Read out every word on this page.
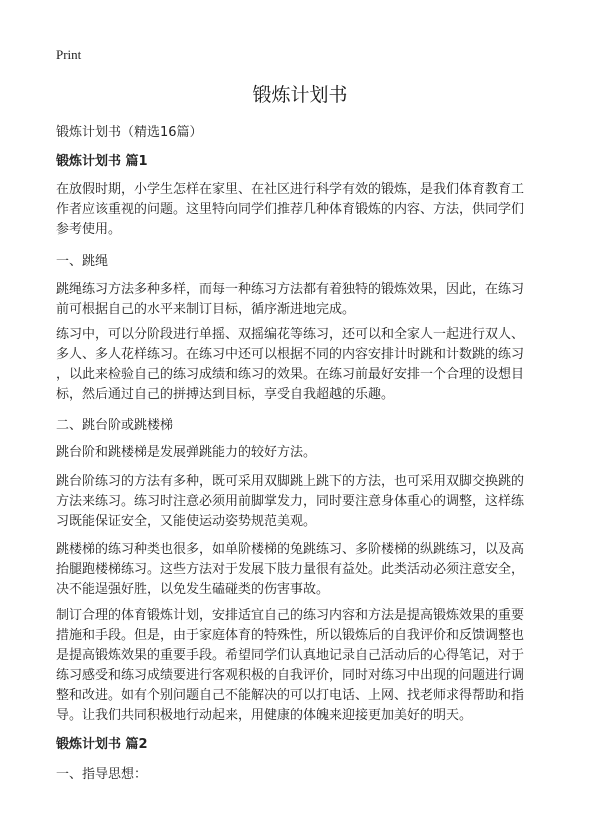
Print
锻炼计划书
锻炼计划书（精选16篇）
锻炼计划书 篇1
在放假时期，小学生怎样在家里、在社区进行科学有效的锻炼，是我们体育教育工
作者应该重视的问题。这里特向同学们推荐几种体育锻炼的内容、方法，供同学们
参考使用。
一、跳绳
跳绳练习方法多种多样，而每一种练习方法都有着独特的锻炼效果，因此，在练习
前可根据自己的水平来制订目标，循序渐进地完成。
练习中，可以分阶段进行单摇、双摇编花等练习，还可以和全家人一起进行双人、
多人、多人花样练习。在练习中还可以根据不同的内容安排计时跳和计数跳的练习
，以此来检验自己的练习成绩和练习的效果。在练习前最好安排一个合理的设想目
标，然后通过自己的拼搏达到目标，享受自我超越的乐趣。
二、跳台阶或跳楼梯
跳台阶和跳楼梯是发展弹跳能力的较好方法。
跳台阶练习的方法有多种，既可采用双脚跳上跳下的方法，也可采用双脚交换跳的
方法来练习。练习时注意必须用前脚掌发力，同时要注意身体重心的调整，这样练
习既能保证安全，又能使运动姿势规范美观。
跳楼梯的练习种类也很多，如单阶楼梯的兔跳练习、多阶楼梯的纵跳练习，以及高
抬腿跑楼梯练习。这些方法对于发展下肢力量很有益处。此类活动必须注意安全，
决不能逞强好胜，以免发生磕碰类的伤害事故。
制订合理的体育锻炼计划，安排适宜自己的练习内容和方法是提高锻炼效果的重要
措施和手段。但是，由于家庭体育的特殊性，所以锻炼后的自我评价和反馈调整也
是提高锻炼效果的重要手段。希望同学们认真地记录自己活动后的心得笔记，对于
练习感受和练习成绩要进行客观积极的自我评价，同时对练习中出现的问题进行调
整和改进。如有个别问题自己不能解决的可以打电话、上网、找老师求得帮助和指
导。让我们共同积极地行动起来，用健康的体魄来迎接更加美好的明天。
锻炼计划书 篇2
一、指导思想：
